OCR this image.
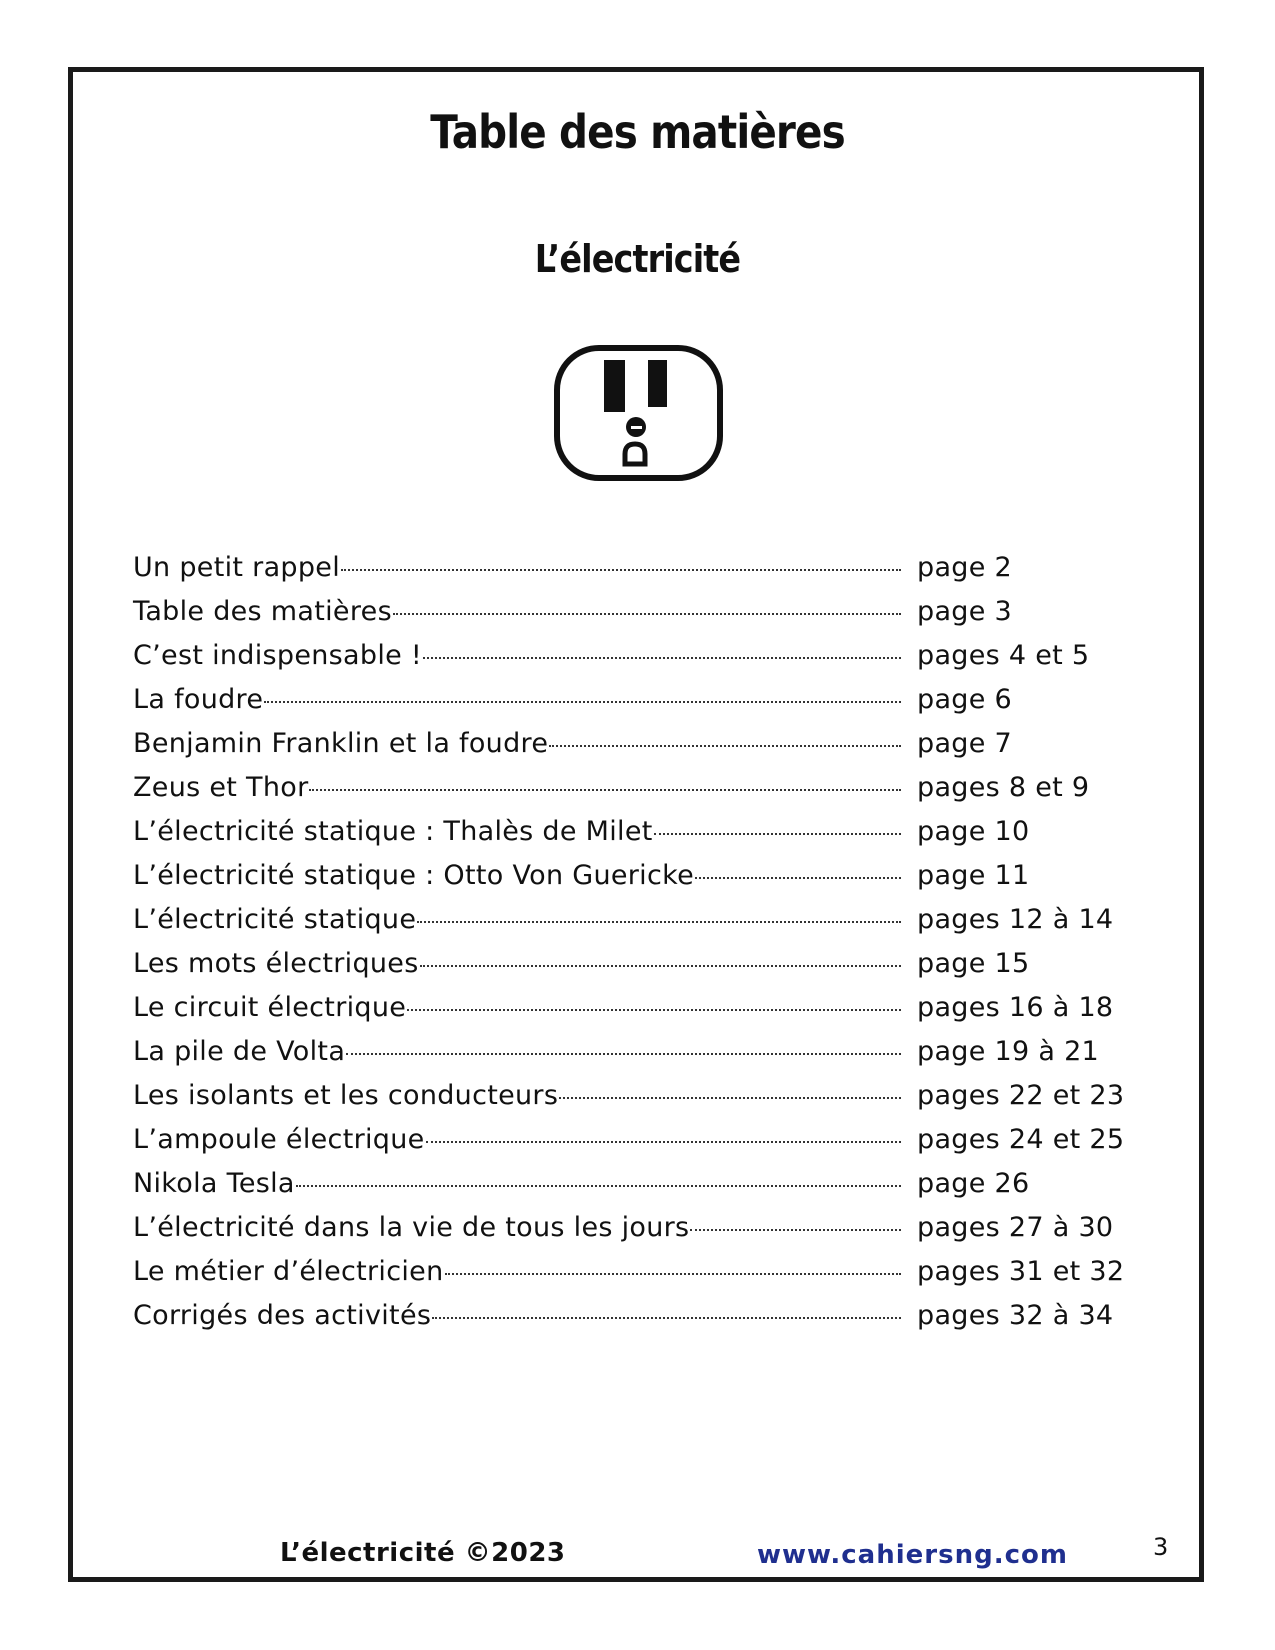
Table des matières
L’électricité
Un petit rappel	page 2
Table des matières	page 3
C’est indispensable !	pages 4 et 5
La foudre	page 6
Benjamin Franklin et la foudre	page 7
Zeus et Thor	pages 8 et 9
L’électricité statique : Thalès de Milet	page 10
L’électricité statique : Otto Von Guericke	page 11
L’électricité statique	pages 12 à 14
Les mots électriques	page 15
Le circuit électrique	pages 16 à 18
La pile de Volta	page 19 à 21
Les isolants et les conducteurs	pages 22 et 23
L’ampoule électrique	pages 24 et 25
Nikola Tesla	page 26
L’électricité dans la vie de tous les jours	pages 27 à 30
Le métier d’électricien	pages 31 et 32
Corrigés des activités	pages 32 à 34
L’électricité ©2023	www.cahiersng.com	3
